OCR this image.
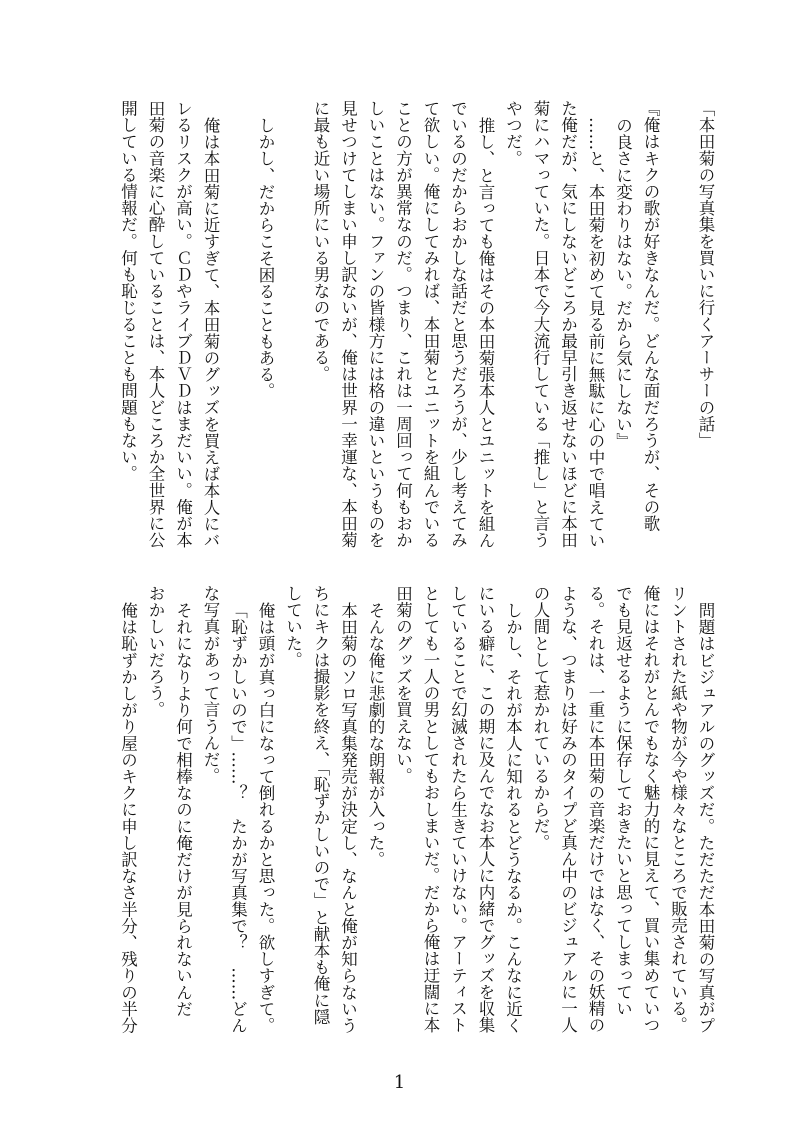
「本田菊の写真集を買いに行くアーサーの話」

『俺はキクの歌が好きなんだ。どんな面だろうが、その歌

の良さに変わりはない。だから気にしない』

……と、本田菊を初めて見る前に無駄に心の中で唱えてい

た俺だが、気にしないどころか最早引き返せないほどに本田

菊にハマっていた。日本で今大流行している「推し」と言う

やつだ。

推し、と言っても俺はその本田菊張本人とユニットを組ん

でいるのだからおかしな話だと思うだろうが、少し考えてみ

て欲しい。俺にしてみれば、本田菊とユニットを組んでいる

ことの方が異常なのだ。つまり、これは一周回って何もおか

しいことはない。ファンの皆様方には格の違いというものを

見せつけてしまい申し訳ないが、俺は世界一幸運な、本田菊

に最も近い場所にいる男なのである。

しかし、だからこそ困ることもある。

俺は本田菊に近すぎて、本田菊のグッズを買えば本人にバ

レるリスクが高い。ＣＤやライブＤＶＤはまだいい。俺が本

田菊の音楽に心酔していることは、本人どころか全世界に公

開している情報だ。何も恥じることも問題もない。

問題はビジュアルのグッズだ。ただただ本田菊の写真がプ

リントされた紙や物が今や様々なところで販売されている。

俺にはそれがとんでもなく魅力的に見えて、買い集めていつ

でも見返せるように保存しておきたいと思ってしまってい

る。それは、一重に本田菊の音楽だけではなく、その妖精の

ような、つまりは好みのタイプど真ん中のビジュアルに一人

の人間として惹かれているからだ。

しかし、それが本人に知れるとどうなるか。こんなに近く

にいる癖に、この期に及んでなお本人に内緒でグッズを収集

していることで幻滅されたら生きていけない。アーティスト

としても一人の男としてもおしまいだ。だから俺は迂闊に本

田菊のグッズを買えない。

そんな俺に悲劇的な朗報が入った。

本田菊のソロ写真集発売が決定し、なんと俺が知らないう

ちにキクは撮影を終え、「恥ずかしいので」と献本も俺に隠

していた。

俺は頭が真っ白になって倒れるかと思った。欲しすぎて。

「恥ずかしいので」……？　たかが写真集で？　……どん

な写真があって言うんだ。

それになりより何で相棒なのに俺だけが見られないんだ

おかしいだろう。

俺は恥ずかしがり屋のキクに申し訳なさ半分、残りの半分

1
